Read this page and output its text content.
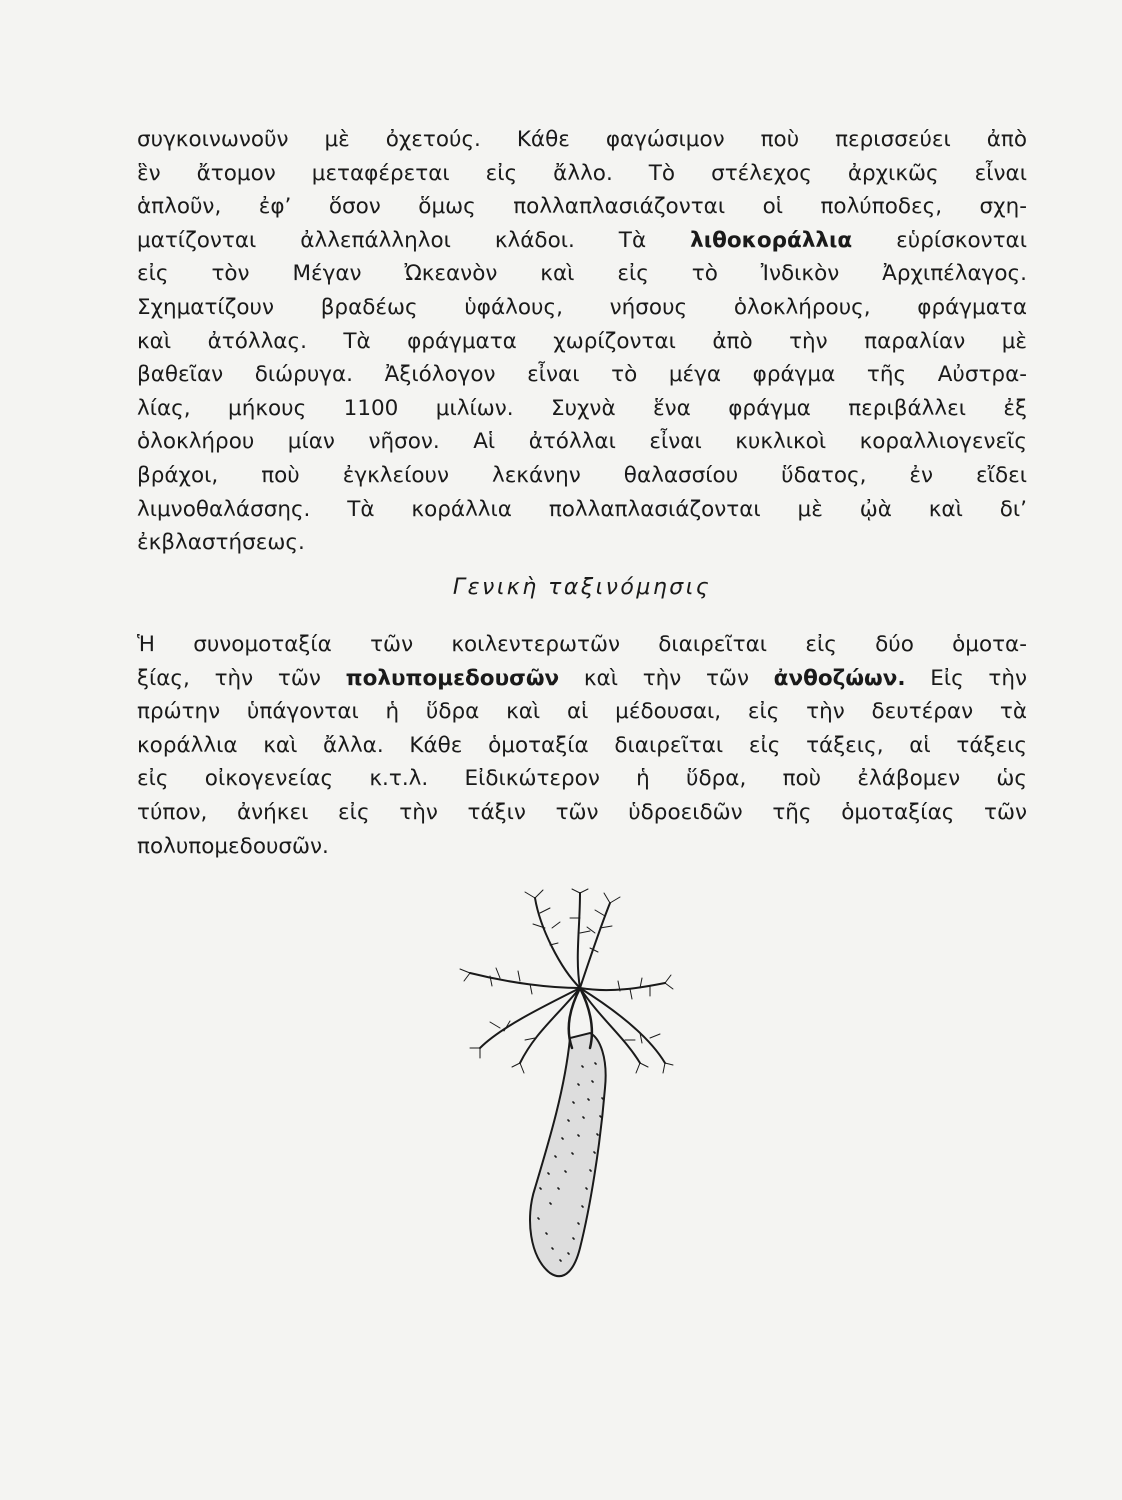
συγκοινωνοῦν μὲ ὀχετούς. Κάθε φαγώσιμον ποὺ περισσεύει ἀπὸ
ἓν ἄτομον μεταφέρεται εἰς ἄλλο. Τὸ στέλεχος ἀρχικῶς εἶναι
ἁπλοῦν, ἐφ’ ὅσον ὅμως πολλαπλασιάζονται οἱ πολύποδες, σχη-
ματίζονται ἀλλεπάλληλοι κλάδοι. Τὰ λιθοκοράλλια εὑρίσκονται
εἰς τὸν Μέγαν Ὠκεανὸν καὶ εἰς τὸ Ἰνδικὸν Ἀρχιπέλαγος.
Σχηματίζουν βραδέως ὑφάλους, νήσους ὁλοκλήρους, φράγματα
καὶ ἀτόλλας. Τὰ φράγματα χωρίζονται ἀπὸ τὴν παραλίαν μὲ
βαθεῖαν διώρυγα. Ἀξιόλογον εἶναι τὸ μέγα φράγμα τῆς Αὐστρα-
λίας, μήκους 1100 μιλίων. Συχνὰ ἕνα φράγμα περιβάλλει ἐξ
ὁλοκλήρου μίαν νῆσον. Αἱ ἀτόλλαι εἶναι κυκλικοὶ κοραλλιογενεῖς
βράχοι, ποὺ ἐγκλείουν λεκάνην θαλασσίου ὕδατος, ἐν εἴδει
λιμνοθαλάσσης. Τὰ κοράλλια πολλαπλασιάζονται μὲ ᾠὰ καὶ δι’
ἐκβλαστήσεως.
Γενικὴ ταξινόμησις
Ἡ συνομοταξία τῶν κοιλεντερωτῶν διαιρεῖται εἰς δύο ὁμοτα-
ξίας, τὴν τῶν πολυπομεδουσῶν καὶ τὴν τῶν ἀνθοζώων. Εἰς τὴν
πρώτην ὑπάγονται ἡ ὕδρα καὶ αἱ μέδουσαι, εἰς τὴν δευτέραν τὰ
κοράλλια καὶ ἄλλα. Κάθε ὁμοταξία διαιρεῖται εἰς τάξεις, αἱ τάξεις
εἰς οἰκογενείας κ.τ.λ. Εἰδικώτερον ἡ ὕδρα, ποὺ ἐλάβομεν ὡς
τύπον, ἀνήκει εἰς τὴν τάξιν τῶν ὑδροειδῶν τῆς ὁμοταξίας τῶν
πολυπομεδουσῶν.
